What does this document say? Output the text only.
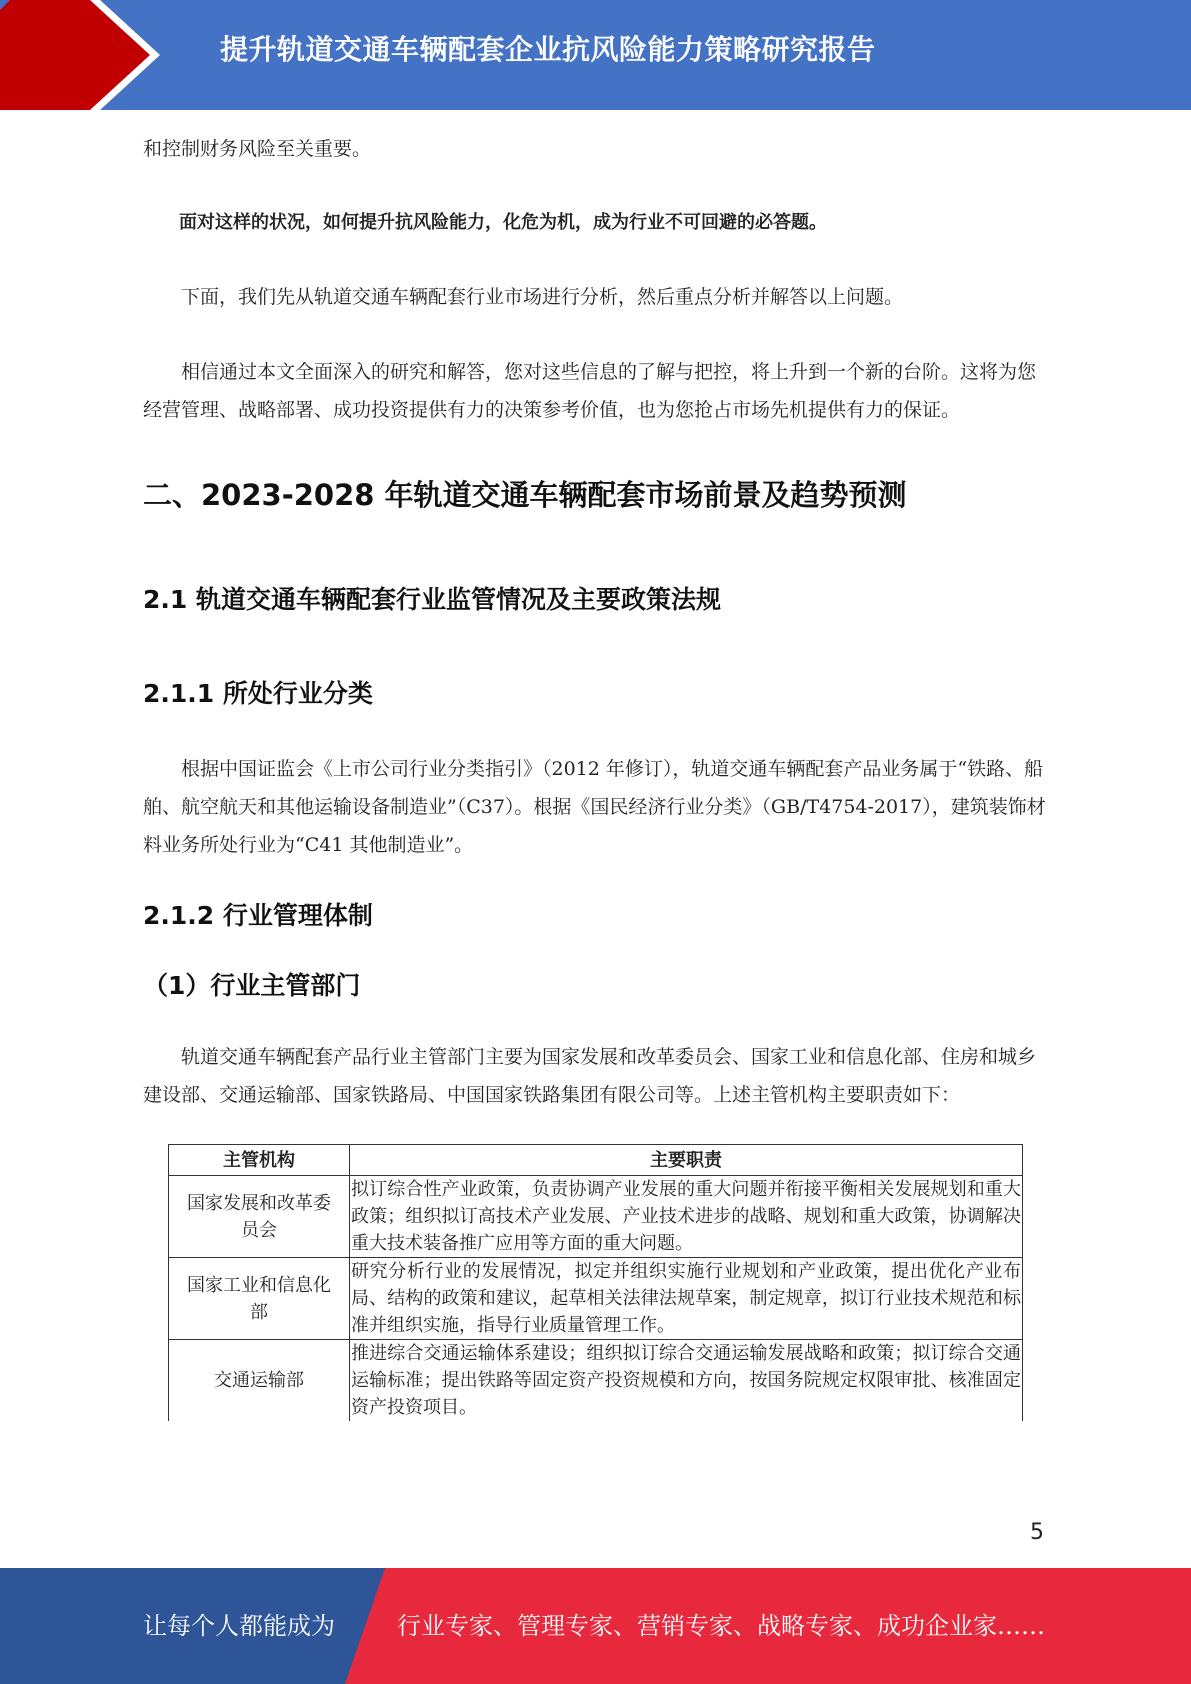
提升轨道交通车辆配套企业抗风险能力策略研究报告

和控制财务风险至关重要。

面对这样的状况，如何提升抗风险能力，化危为机，成为行业不可回避的必答题。

下面，我们先从轨道交通车辆配套行业市场进行分析，然后重点分析并解答以上问题。

相信通过本文全面深入的研究和解答，您对这些信息的了解与把控，将上升到一个新的台阶。这将为您经营管理、战略部署、成功投资提供有力的决策参考价值，也为您抢占市场先机提供有力的保证。

二、2023-2028 年轨道交通车辆配套市场前景及趋势预测
2.1 轨道交通车辆配套行业监管情况及主要政策法规
2.1.1 所处行业分类

根据中国证监会《上市公司行业分类指引》（2012 年修订），轨道交通车辆配套产品业务属于“铁路、船舶、航空航天和其他运输设备制造业”（C37）。根据《国民经济行业分类》（GB/T4754-2017），建筑装饰材料业务所处行业为“C41 其他制造业”。

2.1.2 行业管理体制
（1）行业主管部门

轨道交通车辆配套产品行业主管部门主要为国家发展和改革委员会、国家工业和信息化部、住房和城乡建设部、交通运输部、国家铁路局、中国国家铁路集团有限公司等。上述主管机构主要职责如下：

主管机构	主要职责
国家发展和改革委员会	拟订综合性产业政策，负责协调产业发展的重大问题并衔接平衡相关发展规划和重大政策；组织拟订高技术产业发展、产业技术进步的战略、规划和重大政策，协调解决重大技术装备推广应用等方面的重大问题。
国家工业和信息化部	研究分析行业的发展情况，拟定并组织实施行业规划和产业政策，提出优化产业布局、结构的政策和建议，起草相关法律法规草案，制定规章，拟订行业技术规范和标准并组织实施，指导行业质量管理工作。
交通运输部	推进综合交通运输体系建设；组织拟订综合交通运输发展战略和政策；拟订综合交通运输标准；提出铁路等固定资产投资规模和方向，按国务院规定权限审批、核准固定资产投资项目。
5
让每个人都能成为	行业专家、管理专家、营销专家、战略专家、成功企业家……
